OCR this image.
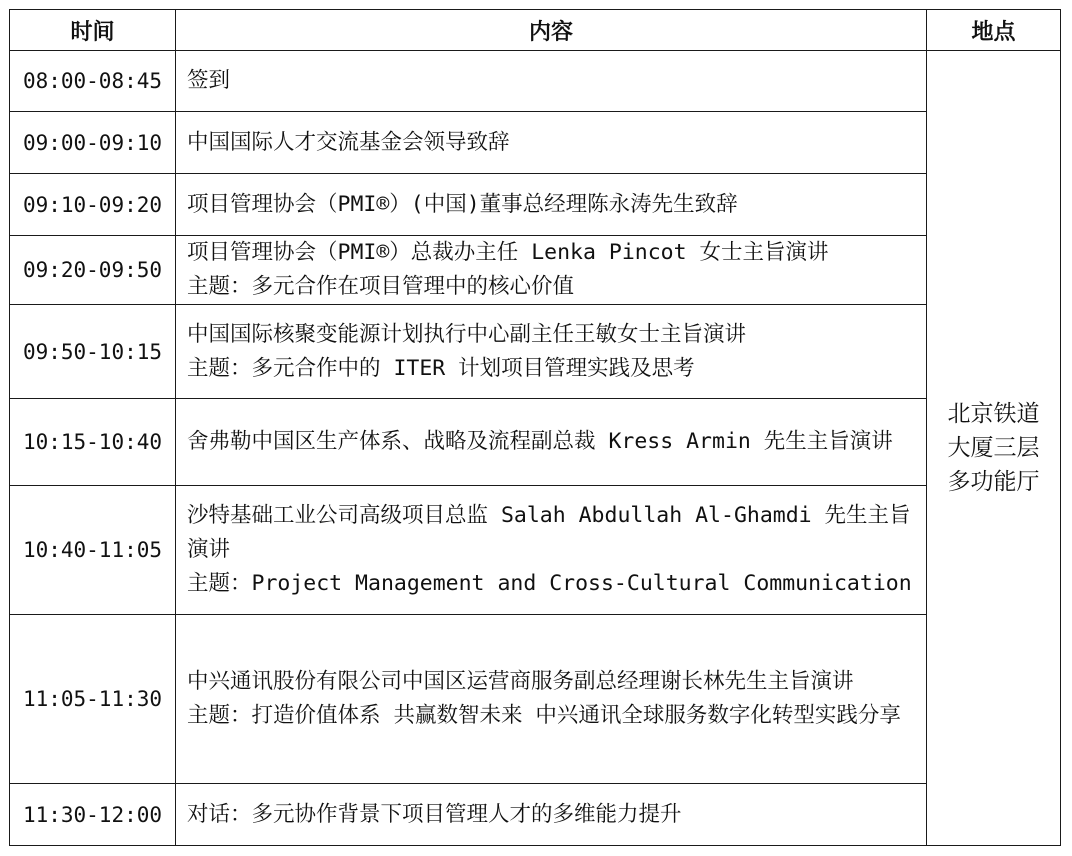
时间	内容	地点
08:00-08:45	签到	北京铁道大厦三层多功能厅

09:00-09:10	中国国际人才交流基金会领导致辞	

09:10-09:20	项目管理协会（PMI®）(中国)董事总经理陈永涛先生致辞	

09:20-09:50	项目管理协会（PMI®）总裁办主任 Lenka Pincot 女士主旨演讲
主题：多元合作在项目管理中的核心价值	

09:50-10:15	中国国际核聚变能源计划执行中心副主任王敏女士主旨演讲
主题：多元合作中的 ITER 计划项目管理实践及思考	

10:15-10:40	舍弗勒中国区生产体系、战略及流程副总裁 Kress Armin 先生主旨演讲	

10:40-11:05	沙特基础工业公司高级项目总监 Salah Abdullah Al-Ghamdi 先生主旨演讲
主题：Project Management and Cross-Cultural Communication	

11:05-11:30	中兴通讯股份有限公司中国区运营商服务副总经理谢长林先生主旨演讲
主题：打造价值体系 共赢数智未来 中兴通讯全球服务数字化转型实践分享	

11:30-12:00	对话：多元协作背景下项目管理人才的多维能力提升	
